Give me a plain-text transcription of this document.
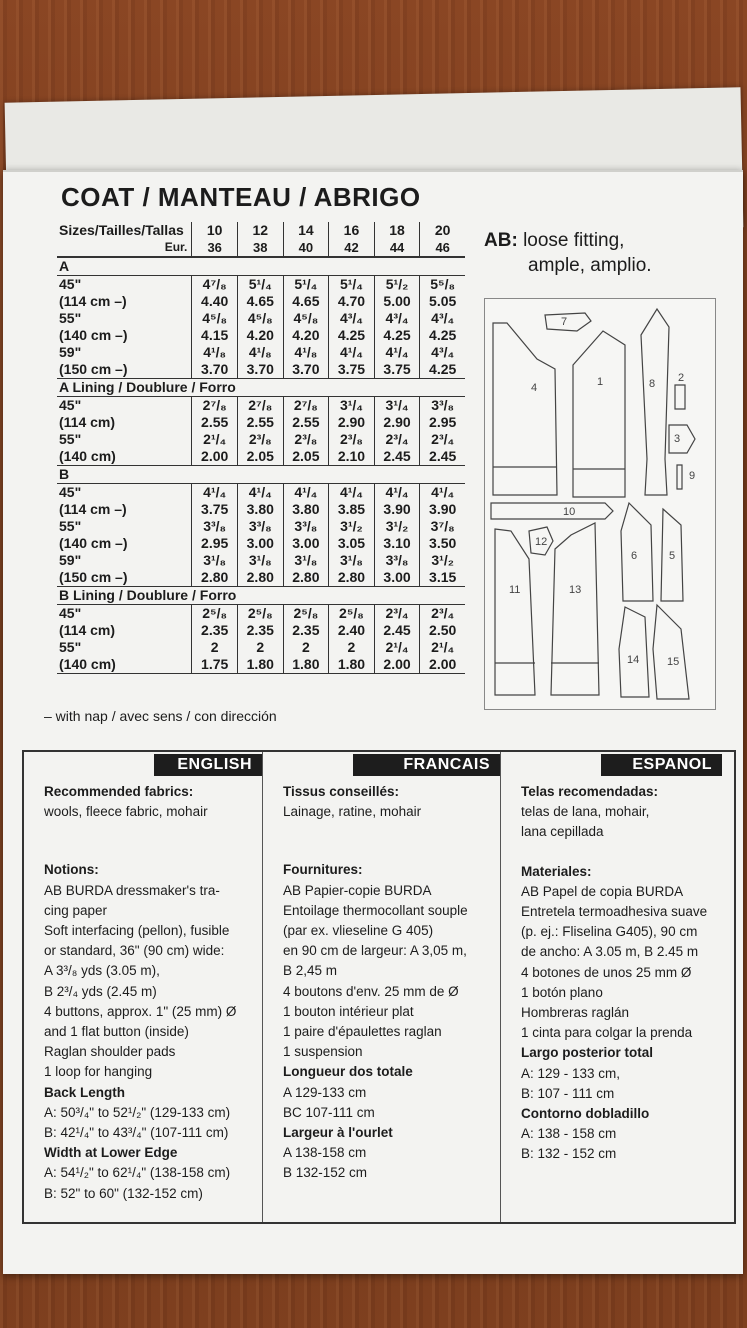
COAT / MANTEAU / ABRIGO
Sizes/Tailles/Tallas	10	12	14	16	18	20
Eur.	36	38	40	42	44	46
A						
45"	4⁷/₈	5¹/₄	5¹/₄	5¹/₄	5¹/₂	5⁵/₈
(114 cm –)	4.40	4.65	4.65	4.70	5.00	5.05
55"	4⁵/₈	4⁵/₈	4⁵/₈	4³/₄	4³/₄	4³/₄
(140 cm –)	4.15	4.20	4.20	4.25	4.25	4.25
59"	4¹/₈	4¹/₈	4¹/₈	4¹/₄	4¹/₄	4³/₄
(150 cm –)	3.70	3.70	3.70	3.75	3.75	4.25
A Lining / Doublure / Forro						
45"	2⁷/₈	2⁷/₈	2⁷/₈	3¹/₄	3¹/₄	3³/₈
(114 cm)	2.55	2.55	2.55	2.90	2.90	2.95
55"	2¹/₄	2³/₈	2³/₈	2³/₈	2³/₄	2³/₄
(140 cm)	2.00	2.05	2.05	2.10	2.45	2.45
B						
45"	4¹/₄	4¹/₄	4¹/₄	4¹/₄	4¹/₄	4¹/₄
(114 cm –)	3.75	3.80	3.80	3.85	3.90	3.90
55"	3³/₈	3³/₈	3³/₈	3¹/₂	3¹/₂	3⁷/₈
(140 cm –)	2.95	3.00	3.00	3.05	3.10	3.50
59"	3¹/₈	3¹/₈	3¹/₈	3¹/₈	3³/₈	3¹/₂
(150 cm –)	2.80	2.80	2.80	2.80	3.00	3.15
B Lining / Doublure / Forro						
45"	2⁵/₈	2⁵/₈	2⁵/₈	2⁵/₈	2³/₄	2³/₄
(114 cm)	2.35	2.35	2.35	2.40	2.45	2.50
55"	2	2	2	2	2¹/₄	2¹/₄
(140 cm)	1.75	1.80	1.80	1.80	2.00	2.00
– with nap / avec sens / con dirección
AB: loose fitting,
ample, amplio.
1	2
3
4
5
6
7
8
9
10
11
12
13
14	15
ENGLISH

Recommended fabrics:

wools, fleece fabric, mohair

Notions:

AB BURDA dressmaker's tra-

cing paper

Soft interfacing (pellon), fusible

or standard, 36" (90 cm) wide:

A 3³/₈ yds (3.05 m),

B 2³/₄ yds (2.45 m)

4 buttons, approx. 1" (25 mm) Ø

and 1 flat button (inside)

Raglan shoulder pads

1 loop for hanging

Back Length

A: 50³/₄" to 52¹/₂" (129-133 cm)

B: 42¹/₄" to 43³/₄" (107-111 cm)

Width at Lower Edge

A: 54¹/₂" to 62¹/₄" (138-158 cm)

B: 52" to 60" (132-152 cm)

FRANCAIS

Tissus conseillés:

Lainage, ratine, mohair

Fournitures:

AB Papier-copie BURDA

Entoilage thermocollant souple

(par ex. vlieseline G 405)

en 90 cm de largeur: A 3,05 m,

B 2,45 m

4 boutons d'env. 25 mm de Ø

1 bouton intérieur plat

1 paire d'épaulettes raglan

1 suspension

Longueur dos totale

A 129-133 cm

BC 107-111 cm

Largeur à l'ourlet

A 138-158 cm

B 132-152 cm

ESPANOL

Telas recomendadas:

telas de lana, mohair,

lana cepillada

Materiales:

AB Papel de copia BURDA

Entretela termoadhesiva suave

(p. ej.: Fliselina G405), 90 cm

de ancho: A 3.05 m, B 2.45 m

4 botones de unos 25 mm Ø

1 botón plano

Hombreras raglán

1 cinta para colgar la prenda

Largo posterior total

A: 129 - 133 cm,

B: 107 - 111 cm

Contorno dobladillo

A: 138 - 158 cm

B: 132 - 152 cm
